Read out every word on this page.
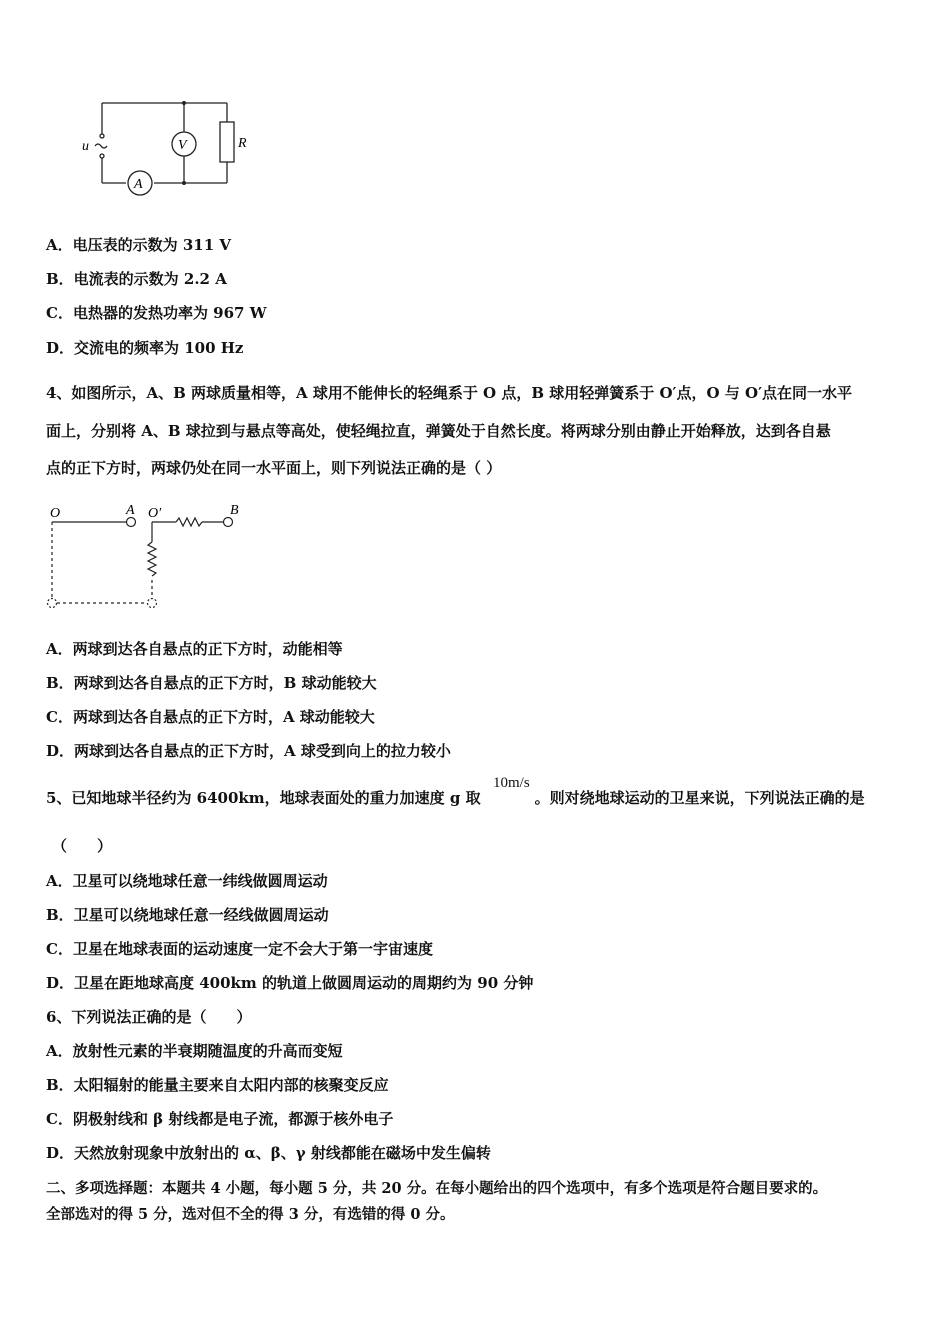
u	V
A
R
A．电压表的示数为 311 V
B．电流表的示数为 2.2 A
C．电热器的发热功率为 967 W
D．交流电的频率为 100 Hz
4、如图所示，A、B 两球质量相等，A 球用不能伸长的轻绳系于 O 点，B 球用轻弹簧系于 O′点，O 与 O′点在同一水平
面上，分别将 A、B 球拉到与悬点等高处，使轻绳拉直，弹簧处于自然长度。将两球分别由静止开始释放，达到各自悬
点的正下方时，两球仍处在同一水平面上，则下列说法正确的是（ ）
O	A O′	B
A．两球到达各自悬点的正下方时，动能相等
B．两球到达各自悬点的正下方时，B 球动能较大
C．两球到达各自悬点的正下方时，A 球动能较大
D．两球到达各自悬点的正下方时，A 球受到向上的拉力较小
5、已知地球半径约为 6400km，地球表面处的重力加速度 g 取	。则对绕地球运动的卫星来说，下列说法正确的是
10m/s
（　　）
A．卫星可以绕地球任意一纬线做圆周运动
B．卫星可以绕地球任意一经线做圆周运动
C．卫星在地球表面的运动速度一定不会大于第一宇宙速度
D．卫星在距地球高度 400km 的轨道上做圆周运动的周期约为 90 分钟
6、下列说法正确的是（　　）
A．放射性元素的半衰期随温度的升高而变短
B．太阳辐射的能量主要来自太阳内部的核聚变反应
C．阴极射线和 β 射线都是电子流，都源于核外电子
D．天然放射现象中放射出的 α、β、γ 射线都能在磁场中发生偏转
二、多项选择题：本题共 4 小题，每小题 5 分，共 20 分。在每小题给出的四个选项中，有多个选项是符合题目要求的。
全部选对的得 5 分，选对但不全的得 3 分，有选错的得 0 分。
